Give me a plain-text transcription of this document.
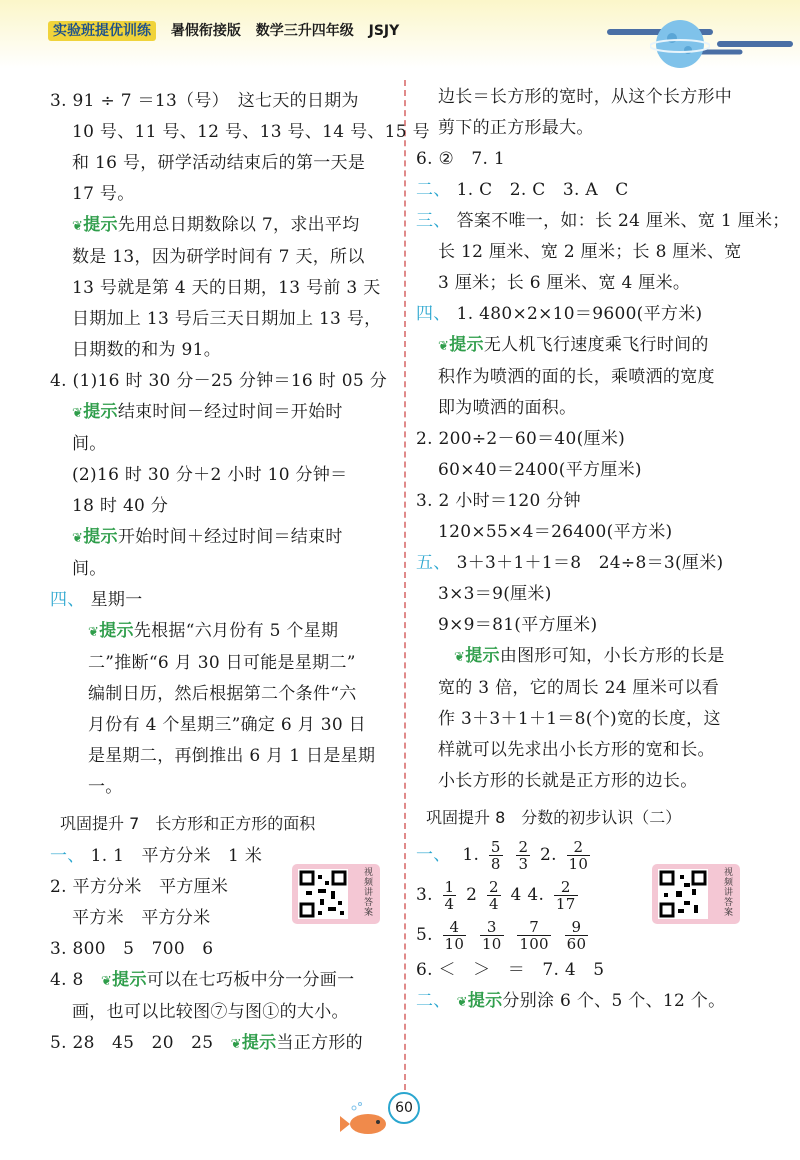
实验班提优训练 暑假衔接版 数学三升四年级 JSJY
3. 91 ÷ 7 ＝13（号）　这七天的日期为
10 号、11 号、12 号、13 号、14 号、15 号
和 16 号，研学活动结束后的第一天是
17 号。
❦提示先用总日期数除以 7，求出平均
数是 13，因为研学时间有 7 天，所以
13 号就是第 4 天的日期，13 号前 3 天
日期加上 13 号后三天日期加上 13 号，
日期数的和为 91。
4. (1)16 时 30 分－25 分钟＝16 时 05 分
❦提示结束时间－经过时间＝开始时
间。
(2)16 时 30 分＋2 小时 10 分钟＝
18 时 40 分
❦提示开始时间＋经过时间＝结束时
间。
四、 星期一
❦提示先根据“六月份有 5 个星期
二”推断“6 月 30 日可能是星期二”
编制日历，然后根据第二个条件“六
月份有 4 个星期三”确定 6 月 30 日
是星期二，再倒推出 6 月 1 日是星期
一。
巩固提升 7　长方形和正方形的面积
一、 1. 1　平方分米　1 米
2. 平方分米　平方厘米
平方米　平方分米
3. 800　5　700　6
4. 8　 ❦提示可以在七巧板中分一分画一
画，也可以比较图⑦与图①的大小。
5. 28　45　20　25　 ❦提示当正方形的
视频讲答案
边长＝长方形的宽时，从这个长方形中
剪下的正方形最大。
6. ②　7. 1
二、 1. C　2. C　3. A　C
三、 答案不唯一，如：长 24 厘米、宽 1 厘米；
长 12 厘米、宽 2 厘米；长 8 厘米、宽
3 厘米；长 6 厘米、宽 4 厘米。
四、 1. 480×2×10＝9600(平方米)
❦提示无人机飞行速度乘飞行时间的
积作为喷洒的面的长，乘喷洒的宽度
即为喷洒的面积。
2. 200÷2－60＝40(厘米)
60×40＝2400(平方厘米)
3. 2 小时＝120 分钟
120×55×4＝26400(平方米)
五、 3＋3＋1＋1＝8　24÷8＝3(厘米)
3×3＝9(厘米)
9×9＝81(平方厘米)
❦提示由图形可知，小长方形的长是
宽的 3 倍，它的周长 24 厘米可以看
作 3＋3＋1＋1＝8(个)宽的长度，这
样就可以先求出小长方形的宽和长。
小长方形的长就是正方形的边长。
巩固提升 8　分数的初步认识（二）
一、 1. $\frac{5}{8}$
$\frac{2}{3} 2$. $\frac{2}{10}$
3. $\frac{1}{4} 2 \frac{2}{4} 4$ 4. $\frac{2}{17}$
5. $\frac{4}{10}$
$\frac{3}{10}$
$\frac{7}{100}$
$\frac{9}{60}$
6. ＜　＞　＝　7. 4　5
二、 ❦提示分别涂 6 个、5 个、12 个。
视频讲答案
60
